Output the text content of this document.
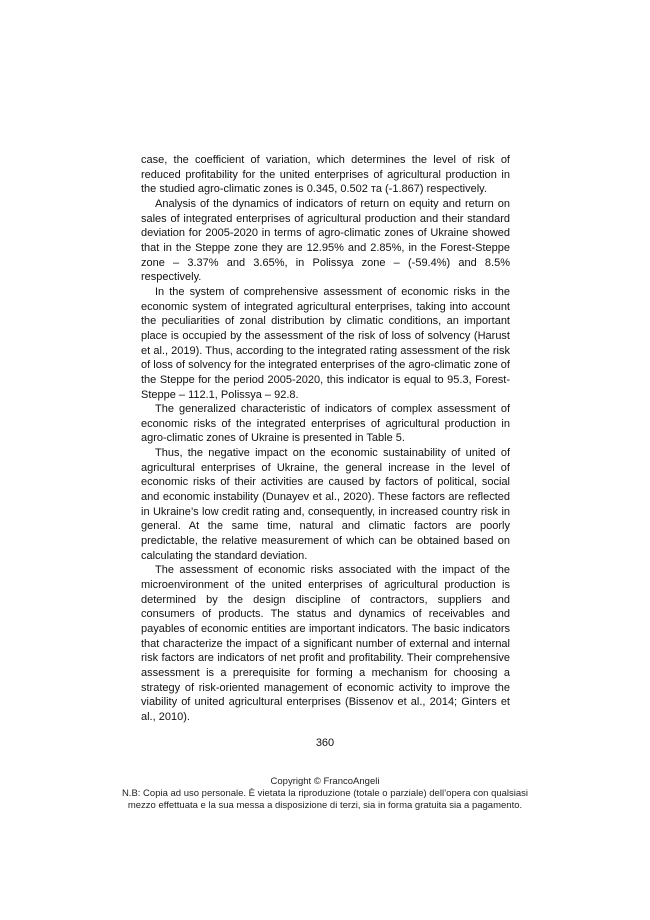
case, the coefficient of variation, which determines the level of risk of reduced profitability for the united enterprises of agricultural production in the studied agro-climatic zones is 0.345, 0.502 та (-1.867) respectively.

Analysis of the dynamics of indicators of return on equity and return on sales of integrated enterprises of agricultural production and their standard deviation for 2005-2020 in terms of agro-climatic zones of Ukraine showed that in the Steppe zone they are 12.95% and 2.85%, in the Forest-Steppe zone – 3.37% and 3.65%, in Polissya zone – (-59.4%) and 8.5% respectively.

In the system of comprehensive assessment of economic risks in the economic system of integrated agricultural enterprises, taking into account the peculiarities of zonal distribution by climatic conditions, an important place is occupied by the assessment of the risk of loss of solvency (Harust et al., 2019). Thus, according to the integrated rating assessment of the risk of loss of solvency for the integrated enterprises of the agro-climatic zone of the Steppe for the period 2005-2020, this indicator is equal to 95.3, Forest-Steppe – 112.1, Polissya – 92.8.

The generalized characteristic of indicators of complex assessment of economic risks of the integrated enterprises of agricultural production in agro-climatic zones of Ukraine is presented in Table 5.

Thus, the negative impact on the economic sustainability of united of agricultural enterprises of Ukraine, the general increase in the level of economic risks of their activities are caused by factors of political, social and economic instability (Dunayev et al., 2020). These factors are reflected in Ukraine’s low credit rating and, consequently, in increased country risk in general. At the same time, natural and climatic factors are poorly predictable, the relative measurement of which can be obtained based on calculating the standard deviation.

The assessment of economic risks associated with the impact of the microenvironment of the united enterprises of agricultural production is determined by the design discipline of contractors, suppliers and consumers of products. The status and dynamics of receivables and payables of economic entities are important indicators. The basic indicators that characterize the impact of a significant number of external and internal risk factors are indicators of net profit and profitability. Their comprehensive assessment is a prerequisite for forming a mechanism for choosing a strategy of risk-oriented management of economic activity to improve the viability of united agricultural enterprises (Bissenov et al., 2014; Ginters et al., 2010).

360
Copyright © FrancoAngeli
N.B: Copia ad uso personale. È vietata la riproduzione (totale o parziale) dell’opera con qualsiasi
mezzo effettuata e la sua messa a disposizione di terzi, sia in forma gratuita sia a pagamento.
